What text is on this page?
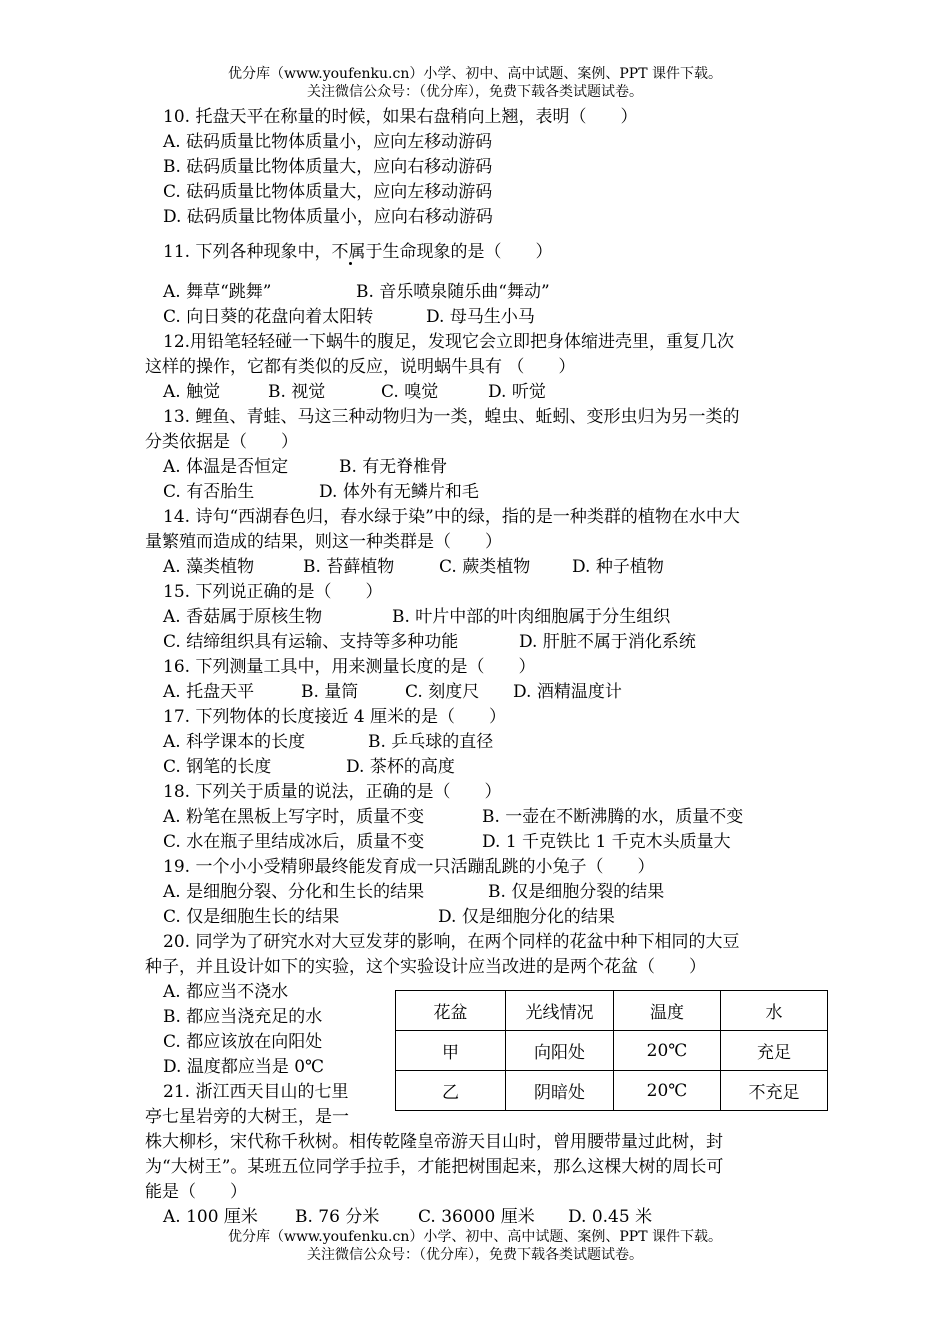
优分库（www.youfenku.cn）小学、初中、高中试题、案例、PPT 课件下载。
关注微信公众号：（优分库），免费下载各类试题试卷。
10. 托盘天平在称量的时候，如果右盘稍向上翘，表明（　　）
A. 砝码质量比物体质量小，应向左移动游码
B. 砝码质量比物体质量大，应向右移动游码
C. 砝码质量比物体质量大，应向左移动游码
D. 砝码质量比物体质量小，应向右移动游码
11. 下列各种现象中，不属于生命现象的是（　　）
A. 舞草“跳舞”	B. 音乐喷泉随乐曲“舞动”
C. 向日葵的花盘向着太阳转	D. 母马生小马
12.用铅笔轻轻碰一下蜗牛的腹足，发现它会立即把身体缩进壳里，重复几次
这样的操作，它都有类似的反应，说明蜗牛具有 （　　）
A. 触觉	B. 视觉	C. 嗅觉	D. 听觉
13. 鲤鱼、青蛙、马这三种动物归为一类，蝗虫、蚯蚓、变形虫归为另一类的
分类依据是（　　）
A. 体温是否恒定	B. 有无脊椎骨
C. 有否胎生	D. 体外有无鳞片和毛
14. 诗句“西湖春色归，春水绿于染”中的绿，指的是一种类群的植物在水中大
量繁殖而造成的结果，则这一种类群是（　　）
A. 藻类植物	B. 苔藓植物	C. 蕨类植物 D. 种子植物
15. 下列说正确的是（　　）
A. 香菇属于原核生物	B. 叶片中部的叶肉细胞属于分生组织
C. 结缔组织具有运输、支持等多种功能	D. 肝脏不属于消化系统
16. 下列测量工具中，用来测量长度的是（　　）
A. 托盘天平	B. 量筒	C. 刻度尺 D. 酒精温度计
17. 下列物体的长度接近 4 厘米的是（　　）
A. 科学课本的长度	B. 乒乓球的直径
C. 钢笔的长度	D. 茶杯的高度
18. 下列关于质量的说法，正确的是（　　）
A. 粉笔在黑板上写字时，质量不变	B. 一壶在不断沸腾的水，质量不变
C. 水在瓶子里结成冰后，质量不变	D. 1 千克铁比 1 千克木头质量大
19. 一个小小受精卵最终能发育成一只活蹦乱跳的小兔子（　　）
A. 是细胞分裂、分化和生长的结果	B. 仅是细胞分裂的结果
C. 仅是细胞生长的结果	D. 仅是细胞分化的结果
20. 同学为了研究水对大豆发芽的影响，在两个同样的花盆中种下相同的大豆
种子，并且设计如下的实验，这个实验设计应当改进的是两个花盆（　　）
A. 都应当不浇水
B. 都应当浇充足的水
C. 都应该放在向阳处
D. 温度都应当是 0℃
花盆	光线情况	温度	水
甲	向阳处	20℃	充足
乙	阴暗处	20℃	不充足
21. 浙江西天目山的七里
亭七星岩旁的大树王，是一
株大柳杉，宋代称千秋树。相传乾隆皇帝游天目山时，曾用腰带量过此树，封
为“大树王”。某班五位同学手拉手，才能把树围起来，那么这棵大树的周长可
能是（　　）
A. 100 厘米 B. 76 分米 C. 36000 厘米 D. 0.45 米
优分库（www.youfenku.cn）小学、初中、高中试题、案例、PPT 课件下载。
关注微信公众号：（优分库），免费下载各类试题试卷。
